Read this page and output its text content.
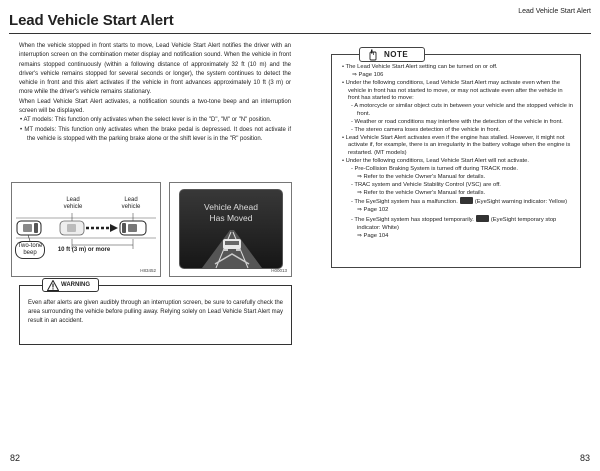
Lead Vehicle Start Alert
Lead Vehicle Start Alert

When the vehicle stopped in front starts to move, Lead Vehicle Start Alert notifies the driver with an interruption screen on the combination meter display and notification sound. When the vehicle in front remains stopped continuously (within a following distance of approximately 32 ft (10 m) and the driver's vehicle remains stopped for several seconds or longer), the system continues to detect the vehicle in front and this alert activates if the vehicle in front advances approximately 10 ft (3 m) or more while the driver's vehicle remains stationary.

When Lead Vehicle Start Alert activates, a notification sounds a two-tone beep and an interruption screen will be displayed.

• AT models: This function only activates when the select lever is in the "D", "M" or "N" position.

• MT models: This function only activates when the brake pedal is depressed. It does not activate if the vehicle is stopped with the parking brake alone or the shift lever is in the "R" position.

Lead vehicle
Lead vehicle
Two-tone beep	10 ft (3 m) or more
H83452
Vehicle Ahead
Has Moved
H00013
WARNING
Even after alerts are given audibly through an interruption screen, be sure to carefully check the area surrounding the vehicle before pulling away. Relying solely on Lead Vehicle Start Alert may result in an accident.
NOTE
• The Lead Vehicle Start Alert setting can be turned on or off.
⇒ Page 106
• Under the following conditions, Lead Vehicle Start Alert may activate even when the vehicle in front has not started to move, or may not activate even after the vehicle in front has started to move:
- A motorcycle or similar object cuts in between your vehicle and the stopped vehicle in front.
- Weather or road conditions may interfere with the detection of the vehicle in front.
- The stereo camera loses detection of the vehicle in front.
• Lead Vehicle Start Alert activates even if the engine has stalled. However, it might not activate if, for example, there is an irregularity in the battery voltage when the engine is restarted. (MT models)
• Under the following conditions, Lead Vehicle Start Alert will not activate.
- Pre-Collision Braking System is turned off during TRACK mode.
⇒ Refer to the vehicle Owner's Manual for details.
- TRAC system and Vehicle Stability Control (VSC) are off.
⇒ Refer to the vehicle Owner's Manual for details.
- The EyeSight system has a malfunction.	(EyeSight warning indicator: Yellow)
⇒ Page 102
- The EyeSight system has stopped temporarily.	(EyeSight temporary stop indicator: White)
⇒ Page 104
82	83
